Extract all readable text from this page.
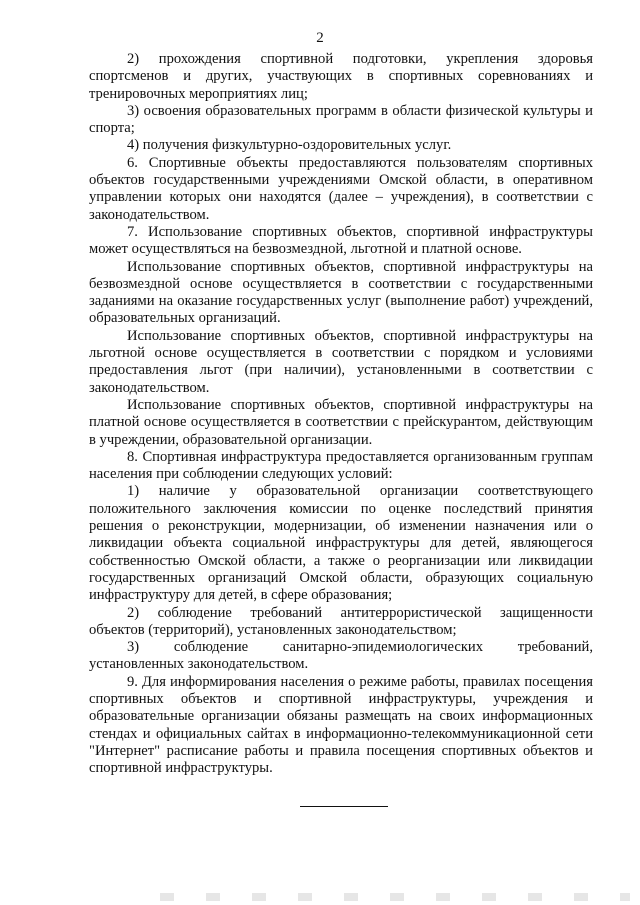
2

2) прохождения спортивной подготовки, укрепления здоровья спортсменов и других, участвующих в спортивных соревнованиях и тренировочных мероприятиях лиц;

3) освоения образовательных программ в области физической культуры и спорта;

4) получения физкультурно-оздоровительных услуг.

6. Спортивные объекты предоставляются пользователям спортивных объектов государственными учреждениями Омской области, в оперативном управлении которых они находятся (далее – учреждения), в соответствии с законодательством.

7. Использование спортивных объектов, спортивной инфраструктуры может осуществляться на безвозмездной, льготной и платной основе.

Использование спортивных объектов, спортивной инфраструктуры на безвозмездной основе осуществляется в соответствии с государственными заданиями на оказание государственных услуг (выполнение работ) учреждений, образовательных организаций.

Использование спортивных объектов, спортивной инфраструктуры на льготной основе осуществляется в соответствии с порядком и условиями предоставления льгот (при наличии), установленными в соответствии с законодательством.

Использование спортивных объектов, спортивной инфраструктуры на платной основе осуществляется в соответствии с прейскурантом, действующим в учреждении, образовательной организации.

8. Спортивная инфраструктура предоставляется организованным группам населения при соблюдении следующих условий:

1) наличие у образовательной организации соответствующего положительного заключения комиссии по оценке последствий принятия решения о реконструкции, модернизации, об изменении назначения или о ликвидации объекта социальной инфраструктуры для детей, являющегося собственностью Омской области, а также о реорганизации или ликвидации государственных организаций Омской области, образующих социальную инфраструктуру для детей, в сфере образования;

2) соблюдение требований антитеррористической защищенности объектов (территорий), установленных законодательством;

3) соблюдение санитарно-эпидемиологических требований, установленных законодательством.

9. Для информирования населения о режиме работы, правилах посещения спортивных объектов и спортивной инфраструктуры, учреждения и образовательные организации обязаны размещать на своих информационных стендах и официальных сайтах в информационно-телекоммуникационной сети "Интернет" расписание работы и правила посещения спортивных объектов и спортивной инфраструктуры.
